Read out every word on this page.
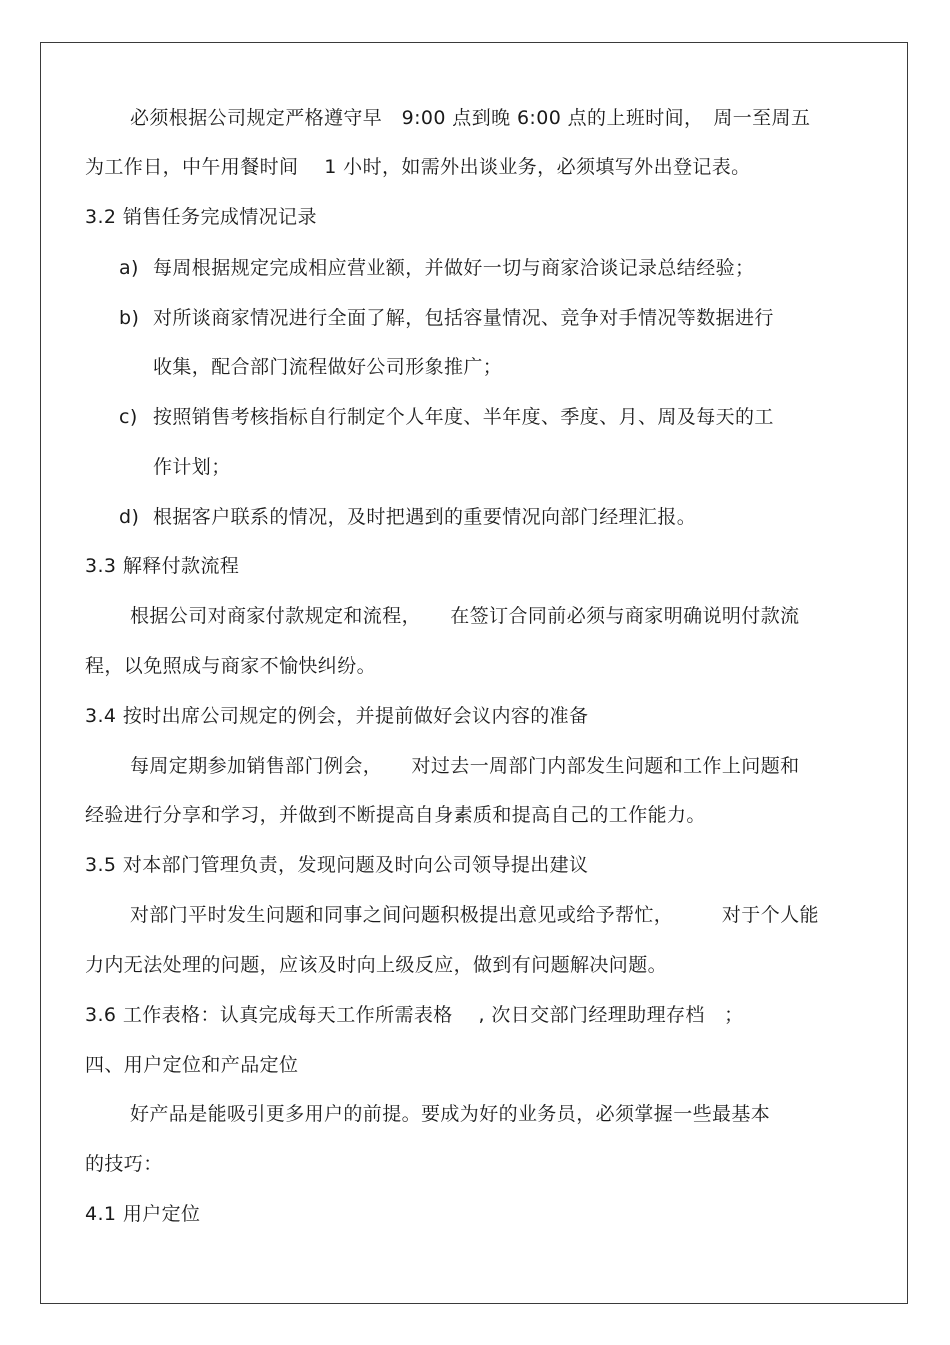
必须根据公司规定严格遵守早　9:00 点到晚 6:00 点的上班时间，　周一至周五
为工作日，中午用餐时间　 1 小时，如需外出谈业务，必须填写外出登记表。
3.2 销售任务完成情况记录
a) 每周根据规定完成相应营业额，并做好一切与商家洽谈记录总结经验；
b) 对所谈商家情况进行全面了解，包括容量情况、竞争对手情况等数据进行
收集，配合部门流程做好公司形象推广；
c) 按照销售考核指标自行制定个人年度、半年度、季度、月、周及每天的工
作计划；
d) 根据客户联系的情况，及时把遇到的重要情况向部门经理汇报。
3.3 解释付款流程
根据公司对商家付款规定和流程，　　在签订合同前必须与商家明确说明付款流
程，以免照成与商家不愉快纠纷。
3.4 按时出席公司规定的例会，并提前做好会议内容的准备
每周定期参加销售部门例会，　　对过去一周部门内部发生问题和工作上问题和
经验进行分享和学习，并做到不断提高自身素质和提高自己的工作能力。
3.5 对本部门管理负责，发现问题及时向公司领导提出建议
对部门平时发生问题和同事之间问题积极提出意见或给予帮忙，　　　对于个人能
力内无法处理的问题，应该及时向上级反应，做到有问题解决问题。
3.6 工作表格：认真完成每天工作所需表格　 , 次日交部门经理助理存档　；
四、用户定位和产品定位
好产品是能吸引更多用户的前提。要成为好的业务员，必须掌握一些最基本
的技巧：
4.1 用户定位
